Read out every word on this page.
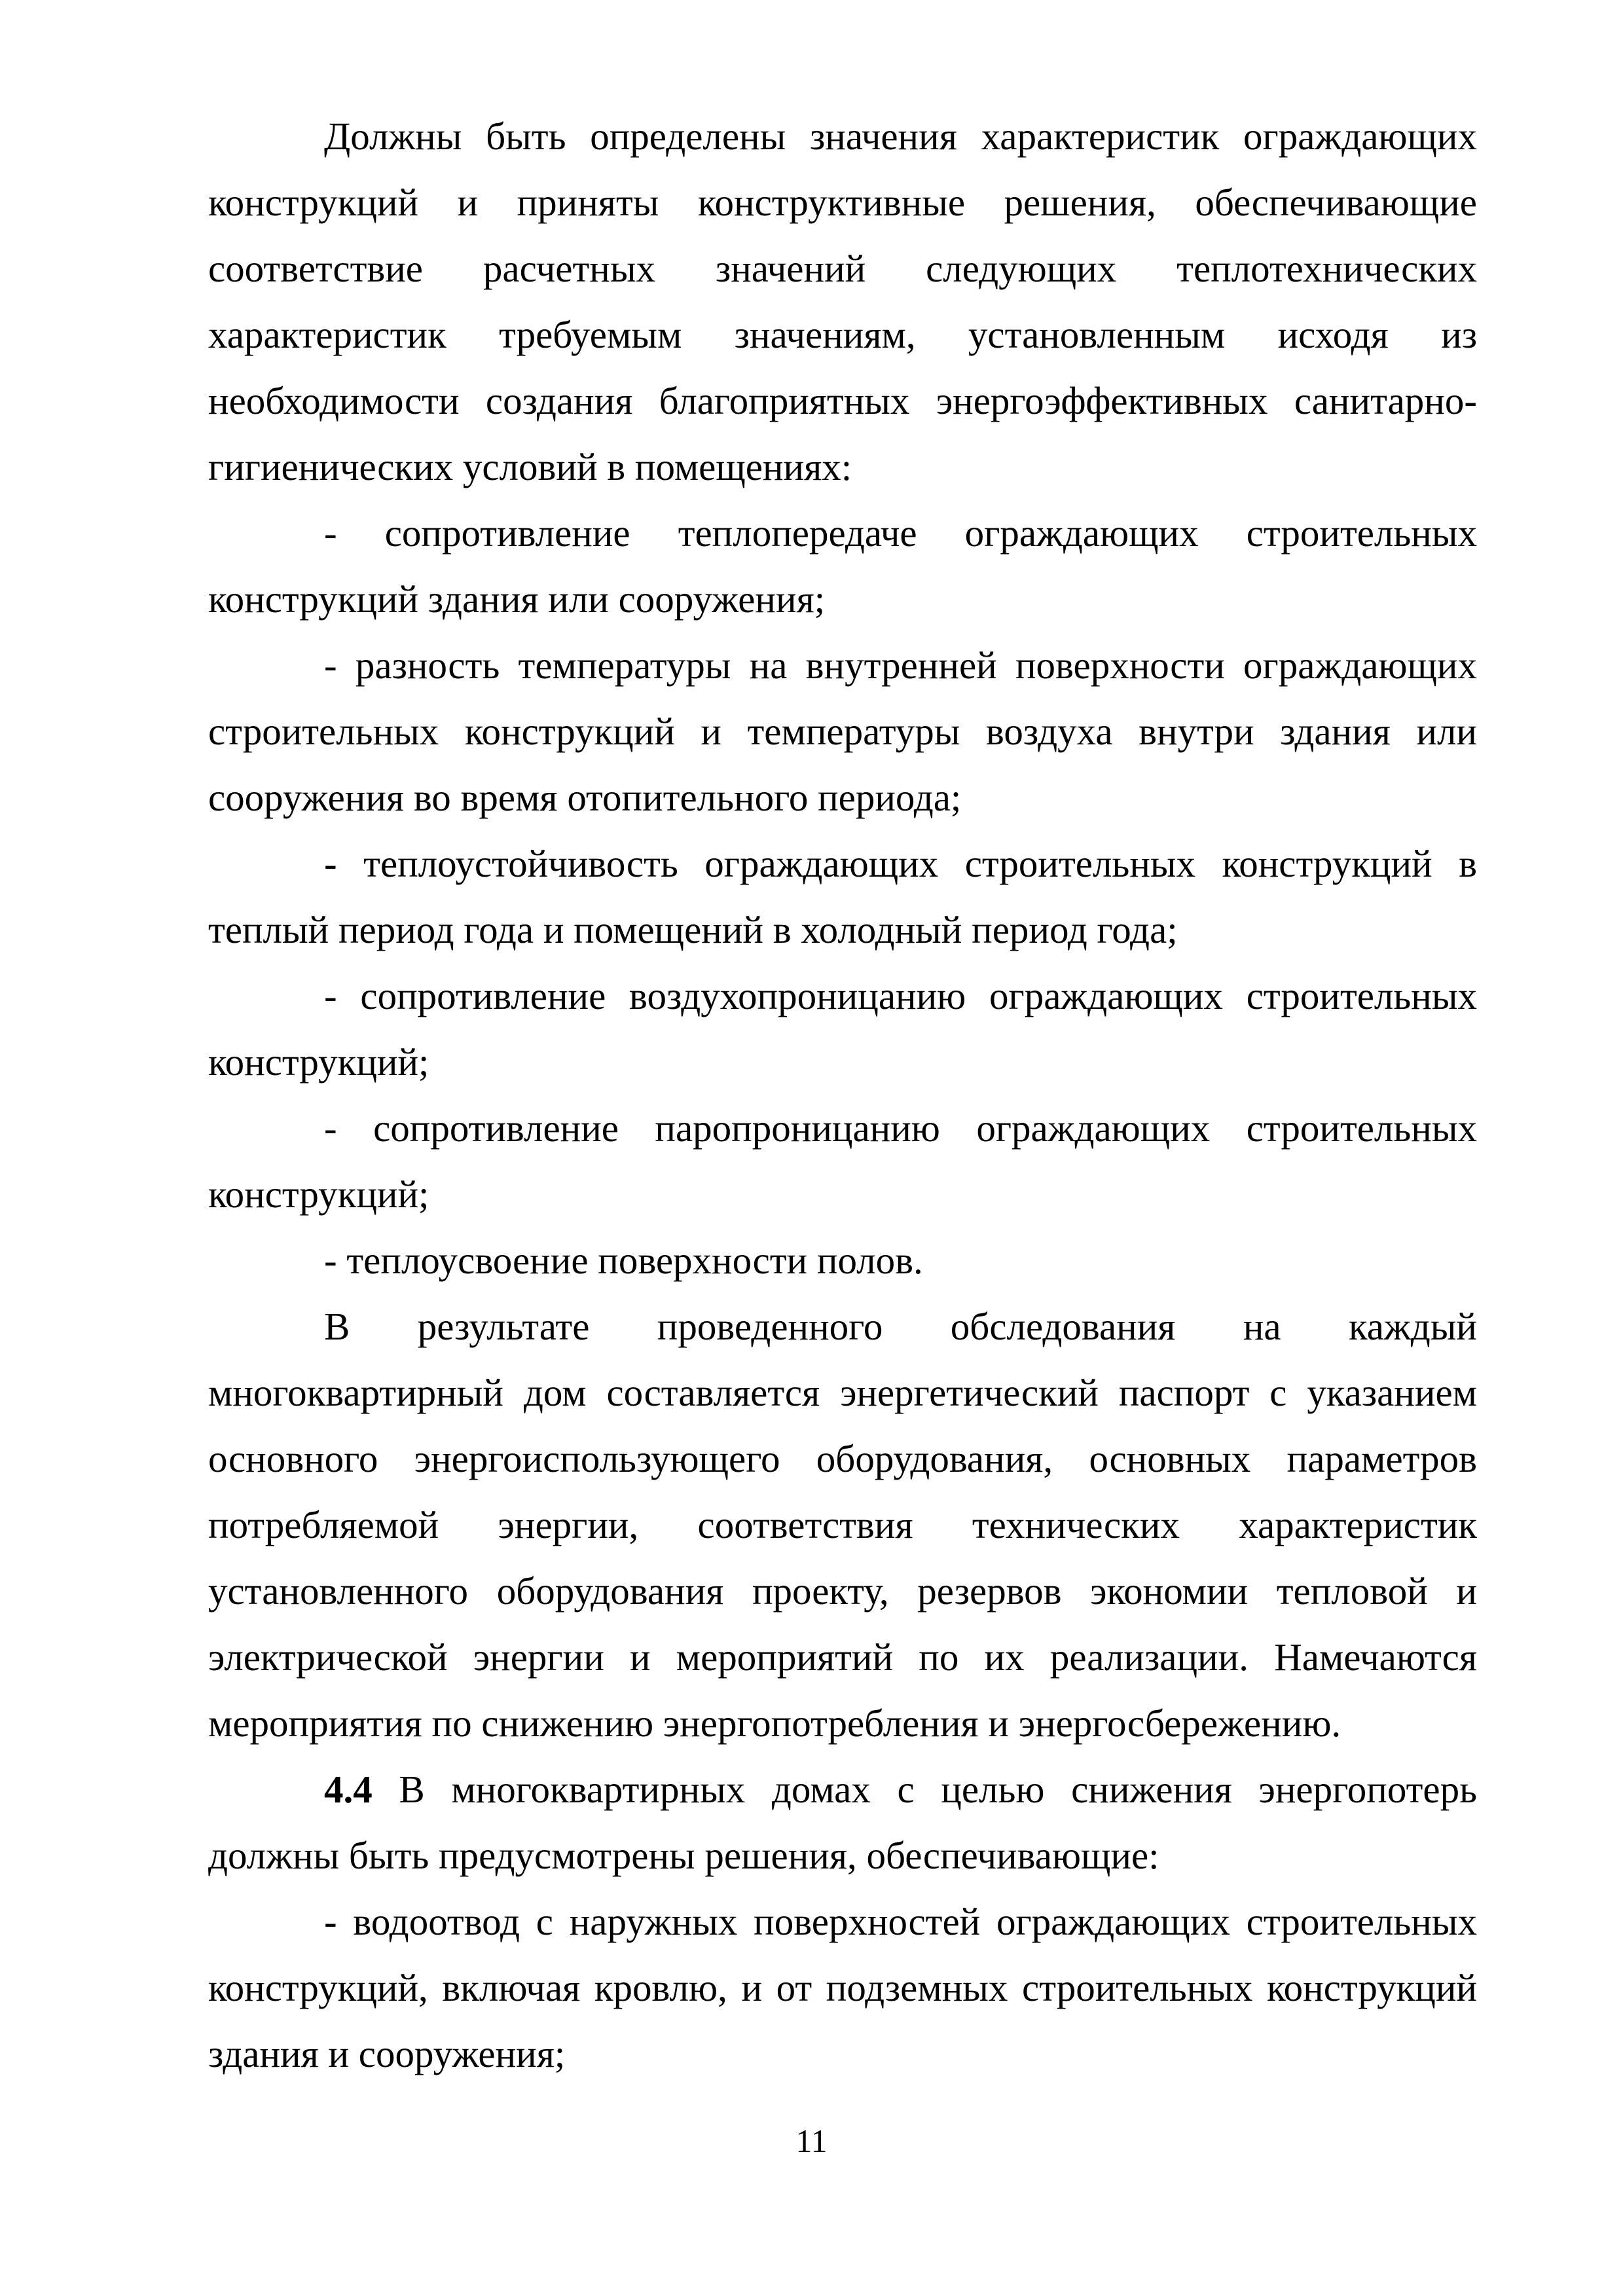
Должны быть определены значения характеристик ограждающих конструкций и приняты конструктивные решения, обеспечивающие соответствие расчетных значений следующих теплотехнических характеристик требуемым значениям, установленным исходя из необходимости создания благоприятных энергоэффективных санитарно-гигиенических условий в помещениях:

- сопротивление теплопередаче ограждающих строительных конструкций здания или сооружения;

- разность температуры на внутренней поверхности ограждающих строительных конструкций и температуры воздуха внутри здания или сооружения во время отопительного периода;

- теплоустойчивость ограждающих строительных конструкций в теплый период года и помещений в холодный период года;

- сопротивление воздухопроницанию ограждающих строительных конструкций;

- сопротивление паропроницанию ограждающих строительных конструкций;

- теплоусвоение поверхности полов.

В результате проведенного обследования на каждый многоквартирный дом составляется энергетический паспорт с указанием основного энергоиспользующего оборудования, основных параметров потребляемой энергии, соответствия технических характеристик установленного оборудования проекту, резервов экономии тепловой и электрической энергии и мероприятий по их реализации. Намечаются мероприятия по снижению энергопотребления и энергосбережению.

4.4 В многоквартирных домах с целью снижения энергопотерь должны быть предусмотрены решения, обеспечивающие:

- водоотвод с наружных поверхностей ограждающих строительных конструкций, включая кровлю, и от подземных строительных конструкций здания и сооружения;

11
